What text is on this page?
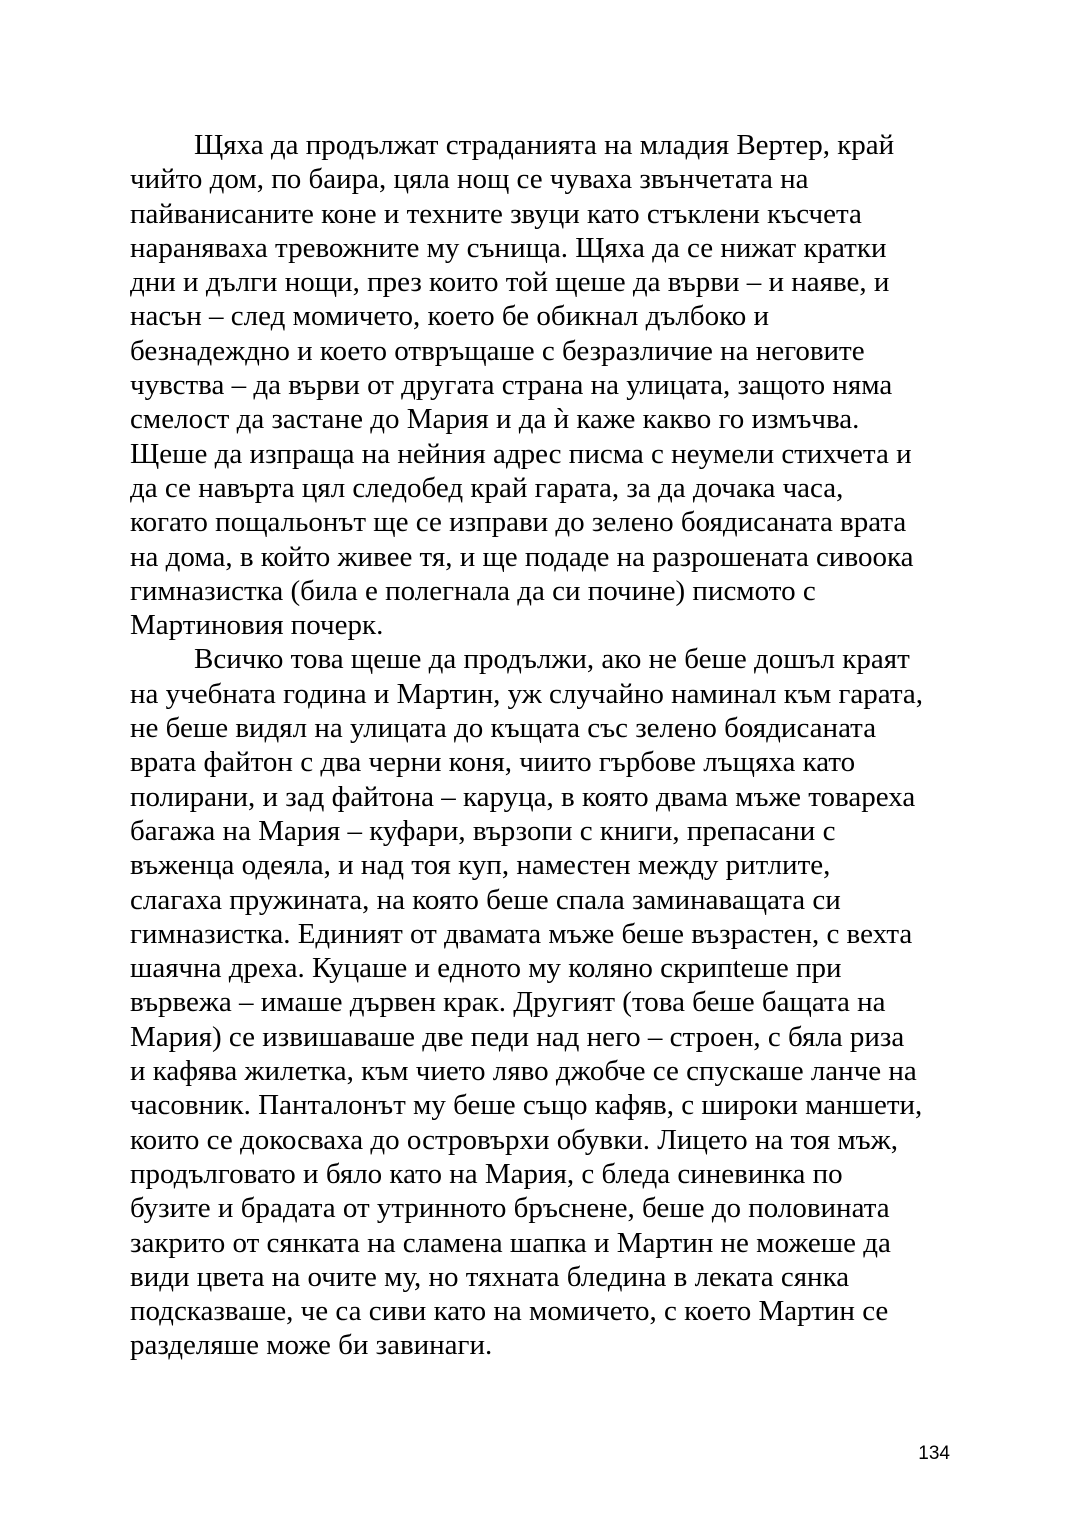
Щяха да продължат страданията на младия Вертер, край
чийто дом, по баира, цяла нощ се чуваха звънчетата на
пайванисаните коне и техните звуци като стъклени късчета
нараняваха тревожните му сънища. Щяха да се нижат кратки
дни и дълги нощи, през които той щеше да върви – и наяве, и
насън – след момичето, което бе обикнал дълбоко и
безнадеждно и което отвръщаше с безразличие на неговите
чувства – да върви от другата страна на улицата, защото няма
смелост да застане до Мария и да ѝ каже какво го измъчва.
Щеше да изпраща на нейния адрес писма с неумели стихчета и
да се навърта цял следобед край гарата, за да дочака часа,
когато пощальонът ще се изправи до зелено боядисаната врата
на дома, в който живее тя, и ще подаде на разрошената сивоока
гимназистка (била е полегнала да си почине) писмото с
Мартиновия почерк.
Всичко това щеше да продължи, ако не беше дошъл краят
на учебната година и Мартин, уж случайно наминал към гарата,
не беше видял на улицата до къщата със зелено боядисаната
врата файтон с два черни коня, чиито гърбове лъщяха като
полирани, и зад файтона – каруца, в която двама мъже товареха
багажа на Мария – куфари, вързопи с книги, препасани с
въженца одеяла, и над тоя куп, наместен между ритлите,
слагаха пружината, на която беше спала заминаващата си
гимназистка. Единият от двамата мъже беше възрастен, с вехта
шаячна дреха. Куцаше и едното му коляно скрипteше при
вървежа – имаше дървен крак. Другият (това беше бащата на
Мария) се извишаваше две педи над него – строен, с бяла риза
и кафява жилетка, към чието ляво джобче се спускаше ланче на
часовник. Панталонът му беше също кафяв, с широки маншети,
които се докосваха до островърхи обувки. Лицето на тоя мъж,
продълговато и бяло като на Мария, с бледа синевинка по
бузите и брадата от утринното бръснене, беше до половината
закрито от сянката на сламена шапка и Мартин не можеше да
види цвета на очите му, но тяхната бледина в леката сянка
подсказваше, че са сиви като на момичето, с което Мартин се
разделяше може би завинаги.
134
